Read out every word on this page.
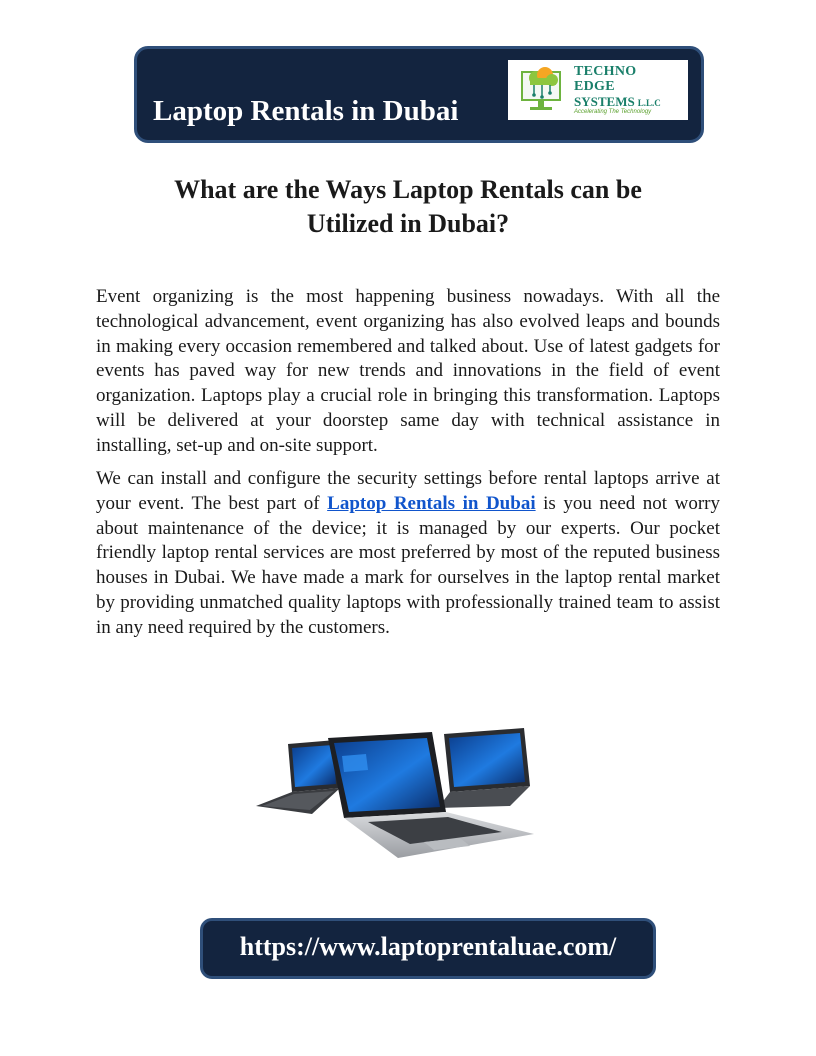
Laptop Rentals in Dubai
TECHNO
EDGE
SYSTEMS L.L.C
Accelerating The Technology
What are the Ways Laptop Rentals can be
Utilized in Dubai?

Event organizing is the most happening business nowadays. With all the technological advancement, event organizing has also evolved leaps and bounds in making every occasion remembered and talked about. Use of latest gadgets for events has paved way for new trends and innovations in the field of event organization. Laptops play a crucial role in bringing this transformation. Laptops will be delivered at your doorstep same day with technical assistance in installing, set-up and on-site support.

We can install and configure the security settings before rental laptops arrive at your event. The best part of Laptop Rentals in Dubai is you need not worry about maintenance of the device; it is managed by our experts. Our pocket friendly laptop rental services are most preferred by most of the reputed business houses in Dubai. We have made a mark for ourselves in the laptop rental market by providing unmatched quality laptops with professionally trained team to assist in any need required by the customers.

https://www.laptoprentaluae.com/
